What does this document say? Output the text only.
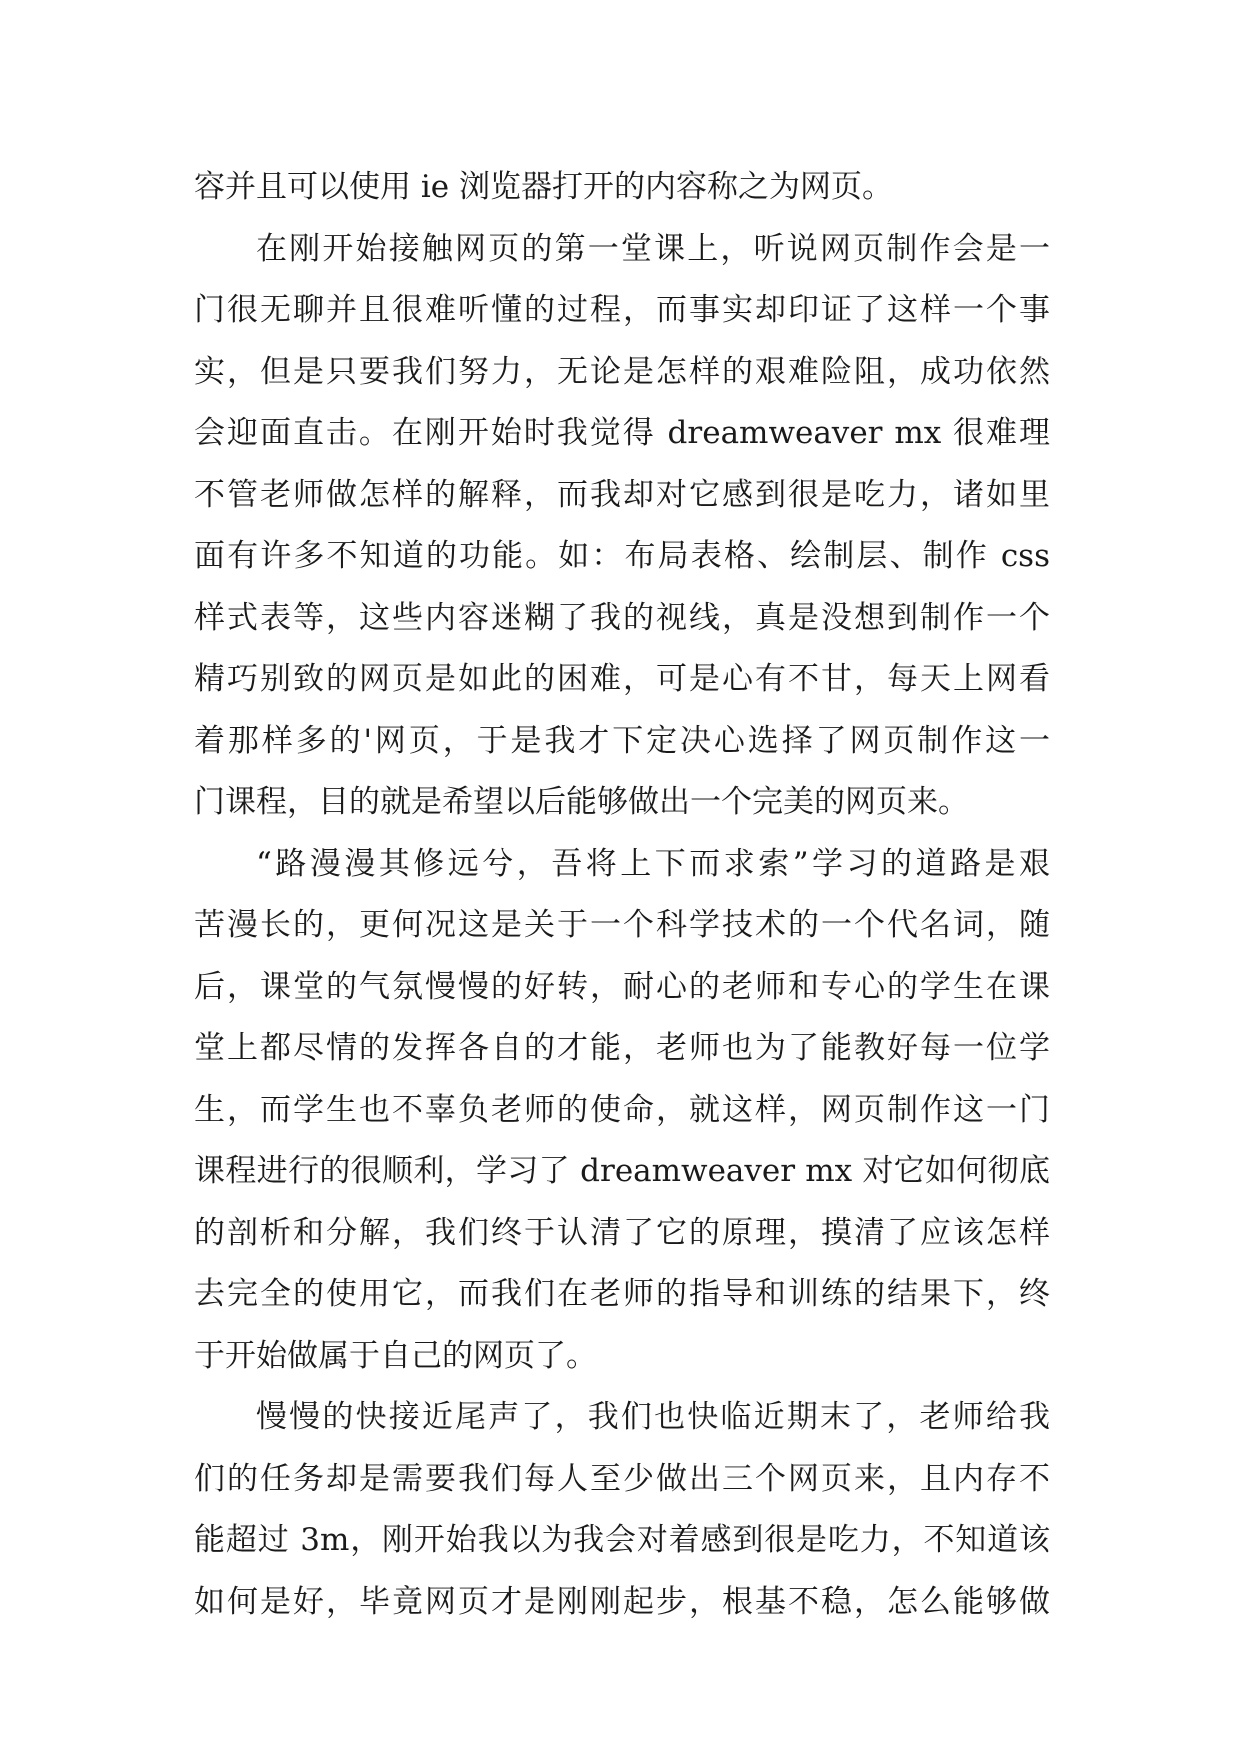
容并且可以使用 ie 浏览器打开的内容称之为网页。
在刚开始接触网页的第一堂课上，听说网页制作会是一
门很无聊并且很难听懂的过程，而事实却印证了这样一个事
实，但是只要我们努力，无论是怎样的艰难险阻，成功依然
会迎面直击。在刚开始时我觉得 dreamweaver mx 很难理
不管老师做怎样的解释，而我却对它感到很是吃力，诸如里
面有许多不知道的功能。如：布局表格、绘制层、制作 css
样式表等，这些内容迷糊了我的视线，真是没想到制作一个
精巧别致的网页是如此的困难，可是心有不甘，每天上网看
着那样多的'网页，于是我才下定决心选择了网页制作这一
门课程，目的就是希望以后能够做出一个完美的网页来。
“路漫漫其修远兮，吾将上下而求索”学习的道路是艰
苦漫长的，更何况这是关于一个科学技术的一个代名词，随
后，课堂的气氛慢慢的好转，耐心的老师和专心的学生在课
堂上都尽情的发挥各自的才能，老师也为了能教好每一位学
生，而学生也不辜负老师的使命，就这样，网页制作这一门
课程进行的很顺利，学习了 dreamweaver mx 对它如何彻底
的剖析和分解，我们终于认清了它的原理，摸清了应该怎样
去完全的使用它，而我们在老师的指导和训练的结果下，终
于开始做属于自己的网页了。
慢慢的快接近尾声了，我们也快临近期末了，老师给我
们的任务却是需要我们每人至少做出三个网页来，且内存不
能超过 3m，刚开始我以为我会对着感到很是吃力，不知道该
如何是好，毕竟网页才是刚刚起步，根基不稳，怎么能够做
